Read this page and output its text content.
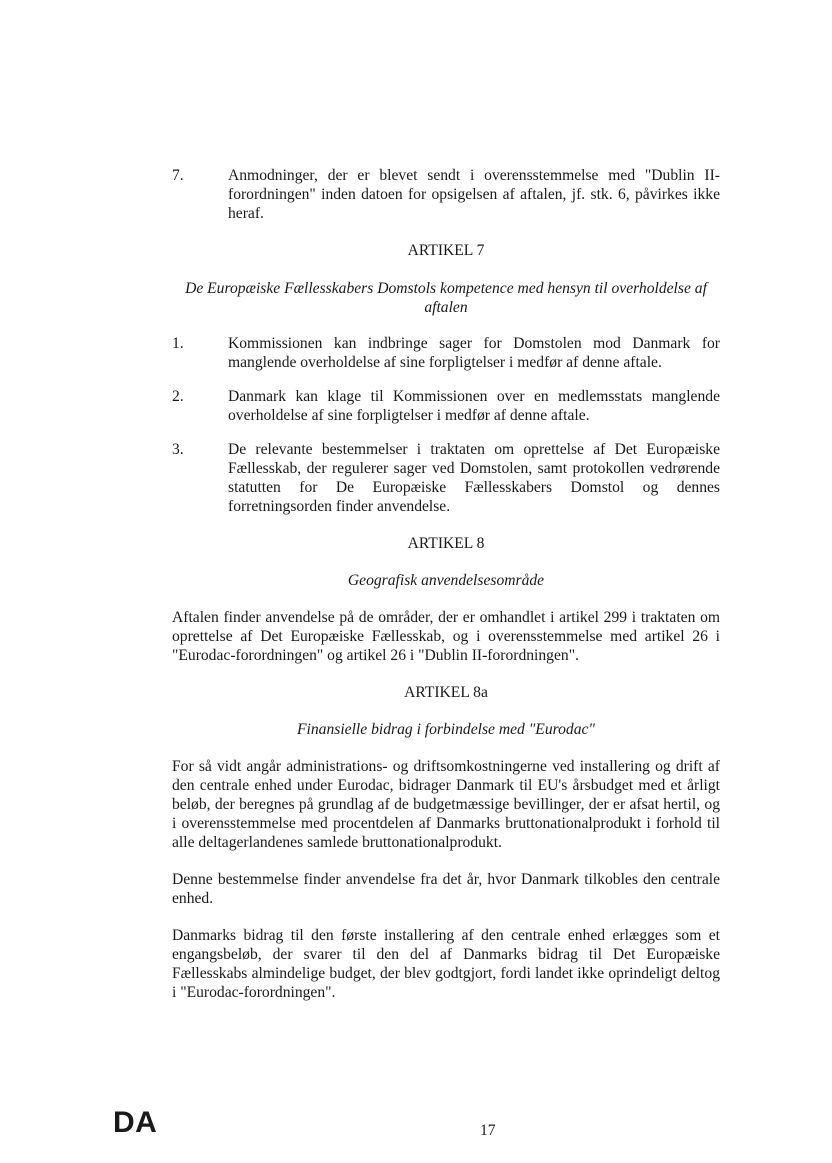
7.	Anmodninger, der er blevet sendt i overensstemmelse med "Dublin II-forordningen" inden datoen for opsigelsen af aftalen, jf. stk. 6, påvirkes ikke heraf.

ARTIKEL 7

De Europæiske Fællesskabers Domstols kompetence med hensyn til overholdelse af aftalen

1.	Kommissionen kan indbringe sager for Domstolen mod Danmark for manglende overholdelse af sine forpligtelser i medfør af denne aftale.
2.	Danmark kan klage til Kommissionen over en medlemsstats manglende overholdelse af sine forpligtelser i medfør af denne aftale.
3.	De relevante bestemmelser i traktaten om oprettelse af Det Europæiske Fællesskab, der regulerer sager ved Domstolen, samt protokollen vedrørende statutten for De Europæiske Fællesskabers Domstol og dennes forretningsorden finder anvendelse.

ARTIKEL 8

Geografisk anvendelsesområde

Aftalen finder anvendelse på de områder, der er omhandlet i artikel 299 i traktaten om oprettelse af Det Europæiske Fællesskab, og i overensstemmelse med artikel 26 i "Eurodac-forordningen" og artikel 26 i "Dublin II-forordningen".

ARTIKEL 8a

Finansielle bidrag i forbindelse med "Eurodac"

For så vidt angår administrations- og driftsomkostningerne ved installering og drift af den centrale enhed under Eurodac, bidrager Danmark til EU's årsbudget med et årligt beløb, der beregnes på grundlag af de budgetmæssige bevillinger, der er afsat hertil, og i overensstemmelse med procentdelen af Danmarks bruttonationalprodukt i forhold til alle deltagerlandenes samlede bruttonationalprodukt.

Denne bestemmelse finder anvendelse fra det år, hvor Danmark tilkobles den centrale enhed.

Danmarks bidrag til den første installering af den centrale enhed erlægges som et engangsbeløb, der svarer til den del af Danmarks bidrag til Det Europæiske Fællesskabs almindelige budget, der blev godtgjort, fordi landet ikke oprindeligt deltog i "Eurodac-forordningen".

DA	17
